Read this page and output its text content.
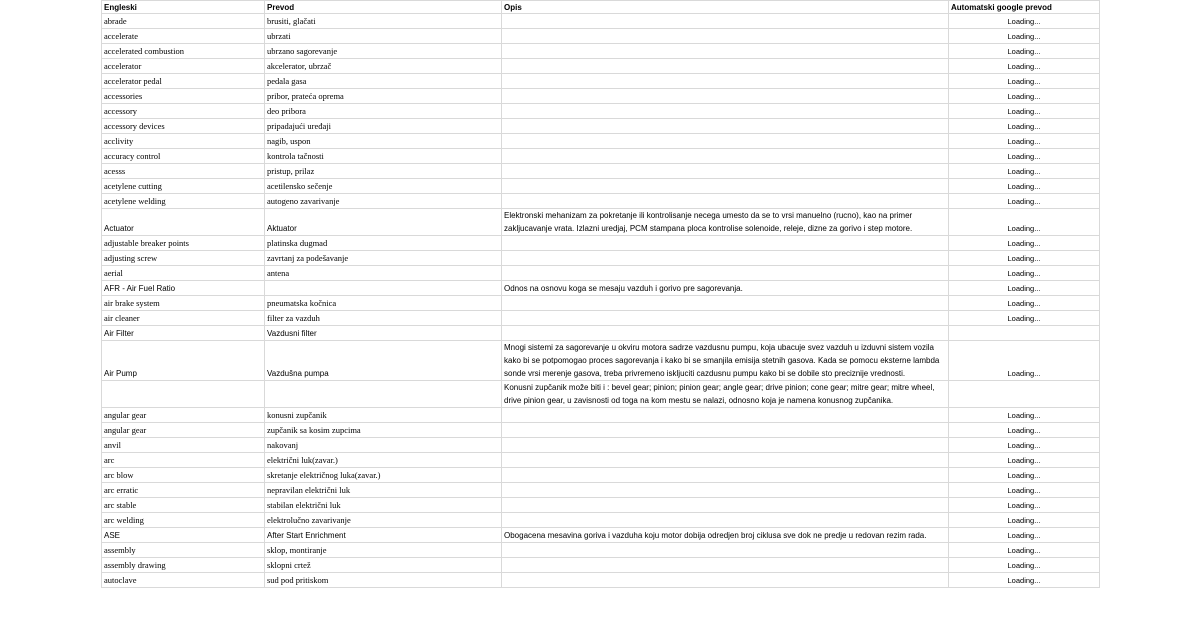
Engleski	Prevod	Opis	Automatski google prevod
abrade	brusiti, glačati		Loading...
accelerate	ubrzati		Loading...
accelerated combustion	ubrzano sagorevanje		Loading...
accelerator	akcelerator, ubrzač		Loading...
accelerator pedal	pedala gasa		Loading...
accessories	pribor, prateća oprema		Loading...
accessory	deo pribora		Loading...
accessory devices	pripadajući uređaji		Loading...
acclivity	nagib, uspon		Loading...
accuracy control	kontrola tačnosti		Loading...
acesss	pristup, prilaz		Loading...
acetylene cutting	acetilensko sečenje		Loading...
acetylene welding	autogeno zavarivanje		Loading...
Actuator	Aktuator	Elektronski mehanizam za pokretanje ili kontrolisanje necega umesto da se to vrsi manuelno (rucno), kao na primer zakljucavanje vrata. Izlazni uredjaj, PCM stampana ploca kontrolise solenoide, releje, dizne za gorivo i step motore.	Loading...
adjustable breaker points	platinska dugmad		Loading...
adjusting screw	zavrtanj za podešavanje		Loading...
aerial	antena		Loading...
AFR - Air Fuel Ratio		Odnos na osnovu koga se mesaju vazduh i gorivo pre sagorevanja.	Loading...
air brake system	pneumatska kočnica		Loading...
air cleaner	filter za vazduh		Loading...
Air Filter	Vazdusni filter		
Air Pump	Vazdušna pumpa	Mnogi sistemi za sagorevanje u okviru motora sadrze vazdusnu pumpu, koja ubacuje svez vazduh u izduvni sistem vozila kako bi se potpomogao proces sagorevanja i kako bi se smanjila emisija stetnih gasova. Kada se pomocu eksterne lambda sonde vrsi merenje gasova, treba privremeno iskljuciti cazdusnu pumpu kako bi se dobile sto preciznije vrednosti.	Loading...
		Konusni zupčanik može biti i : bevel gear; pinion; pinion gear; angle gear; drive pinion; cone gear; mitre gear; mitre wheel, drive pinion gear, u zavisnosti od toga na kom mestu se nalazi, odnosno koja je namena konusnog zupčanika.	
angular gear	konusni zupčanik		Loading...
angular gear	zupčanik sa kosim zupcima		Loading...
anvil	nakovanj		Loading...
arc	električni luk(zavar.)		Loading...
arc blow	skretanje električnog luka(zavar.)		Loading...
arc erratic	nepravilan električni luk		Loading...
arc stable	stabilan električni luk		Loading...
arc welding	elektrolučno zavarivanje		Loading...
ASE	After Start Enrichment	Obogacena mesavina goriva i vazduha koju motor dobija odredjen broj ciklusa sve dok ne predje u redovan rezim rada.	Loading...
assembly	sklop, montiranje		Loading...
assembly drawing	sklopni crtež		Loading...
autoclave	sud pod pritiskom		Loading...
